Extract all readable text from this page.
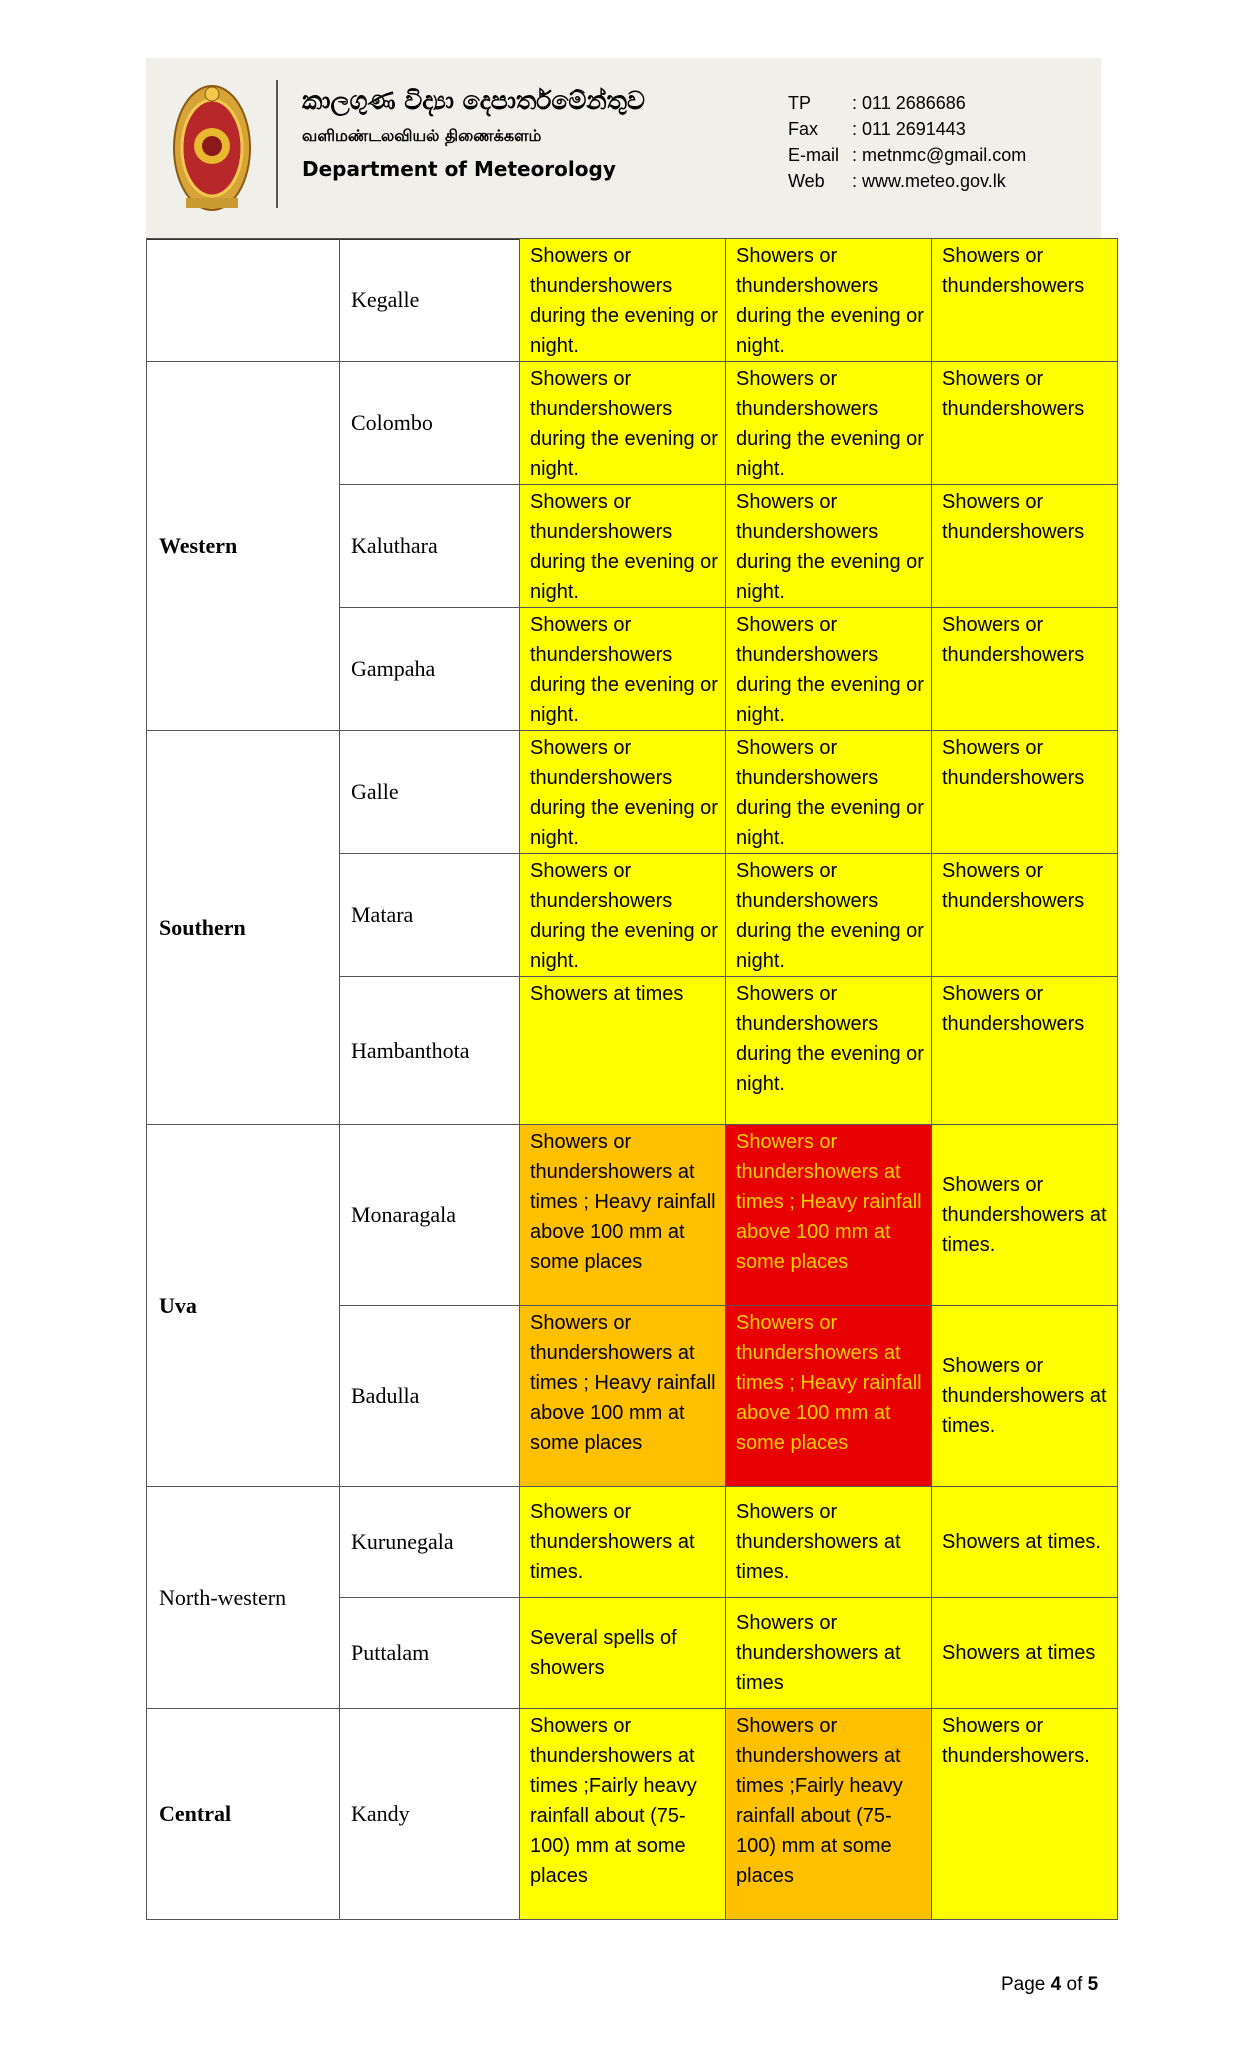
කාලගුණ විද්‍යා දෙපාර්තමේන්තුව
வளிமண்டலவியல் திணைக்களம்
Department of Meteorology
TP	: 011 2686686
Fax	: 011 2691443
E-mail : metnmc@gmail.com
Web	: www.meteo.gov.lk
	Kegalle	Showers or thundershowers during the evening or night.	Showers or thundershowers during the evening or night.	Showers or thundershowers
Western	Colombo	Showers or thundershowers during the evening or night.	Showers or thundershowers during the evening or night.	Showers or thundershowers
	Kaluthara	Showers or thundershowers during the evening or night.	Showers or thundershowers during the evening or night.	Showers or thundershowers
	Gampaha	Showers or thundershowers during the evening or night.	Showers or thundershowers during the evening or night.	Showers or thundershowers
Southern	Galle	Showers or thundershowers during the evening or night.	Showers or thundershowers during the evening or night.	Showers or thundershowers
	Matara	Showers or thundershowers during the evening or night.	Showers or thundershowers during the evening or night.	Showers or thundershowers
	Hambanthota	Showers at times	Showers or thundershowers during the evening or night.	Showers or thundershowers
Uva	Monaragala	Showers or thundershowers at times ; Heavy rainfall above 100 mm at some places	Showers or thundershowers at times ; Heavy rainfall above 100 mm at some places	Showers or thundershowers at times.
	Badulla	Showers or thundershowers at times ; Heavy rainfall above 100 mm at some places	Showers or thundershowers at times ; Heavy rainfall above 100 mm at some places	Showers or thundershowers at times.
North-western	Kurunegala	Showers or thundershowers at times.	Showers or thundershowers at times.	Showers at times.
	Puttalam	Several spells of showers	Showers or thundershowers at times	Showers at times
Central	Kandy	Showers or thundershowers at times ;Fairly heavy rainfall about (75- 100) mm at some places	Showers or thundershowers at times ;Fairly heavy rainfall about (75- 100) mm at some places	Showers or thundershowers.
Page 4 of 5
